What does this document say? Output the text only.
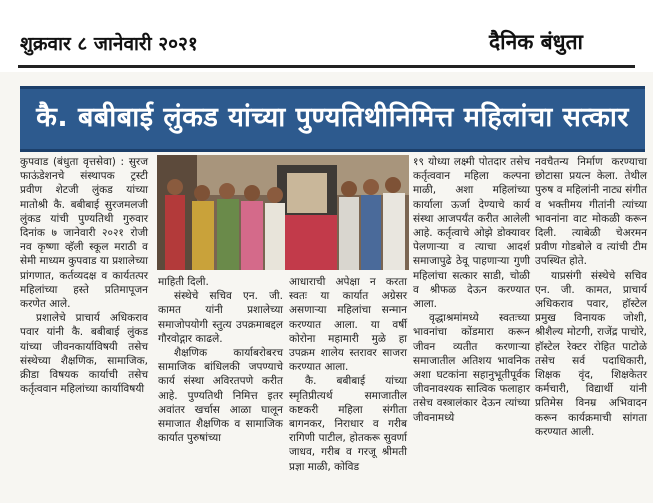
शुक्रवार ८ जानेवारी २०२१	दैनिक बंधुता
कै. बबीबाई लुंकड यांच्या पुण्यतिथीनिमित्त महिलांचा सत्कार

कुपवाड (बंधुता वृत्तसेवा) : सुरज फाऊंडेशनचे संस्थापक ट्रस्टी प्रवीण शेटजी लुंकड यांच्या मातोश्री कै. बबीबाई सुरजमलजी लुंकड यांची पुण्यतिथी गुरुवार दिनांक ७ जानेवारी २०२१ रोजी नव कृष्णा व्हॅली स्कूल मराठी व सेमी माध्यम कुपवाड या प्रशालेच्या प्रांगणात, कर्तव्यदक्ष व कार्यतत्पर महिलांच्या हस्ते प्रतिमापूजन करणेत आले.

प्रशालेचे प्राचार्य अधिकराव पवार यांनी कै. बबीबाई लुंकड यांच्या जीवनकार्याविषयी तसेच संस्थेच्या शैक्षणिक, सामाजिक, क्रीडा विषयक कार्याची तसेच कर्तृत्ववान महिलांच्या कार्याविषयी

माहिती दिली.

संस्थेचे सचिव एन. जी. कामत यांनी प्रशालेच्या समाजोपयोगी स्तुत्य उपक्रमाबद्दल गौरवोद्गार काढले.

शैक्षणिक कार्याबरोबरच सामाजिक बांधिलकी जपण्याचे कार्य संस्था अविरतपणे करीत आहे. पुण्यतिथी निमित्त इतर अवांतर खर्चास आळा घालून समाजात शैक्षणिक व सामाजिक कार्यात पुरुषांच्या

आधाराची अपेक्षा न करता स्वतः या कार्यात अग्रेसर असणाऱ्या महिलांचा सन्मान करण्यात आला. या वर्षी कोरोना महामारी मुळे हा उपक्रम शालेय स्तरावर साजरा करण्यात आला.

कै. बबीबाई यांच्या स्मृतिप्रीत्यर्थ समाजातील कष्टकरी महिला संगीता बागनकर, निराधार व गरीब रागिणी पाटील, होतकरू सुवर्णा जाधव, गरीब व गरजू श्रीमती प्रज्ञा माळी, कोविड

१९ योध्या लक्ष्मी पोतदार तसेच कर्तृत्ववान महिला कल्पना माळी, अशा महिलांच्या कार्याला ऊर्जा देण्याचे कार्य संस्था आजपर्यंत करीत आलेली आहे. कर्तृत्वाचे ओझे डोक्यावर पेलणाऱ्या व त्याचा आदर्श समाजापुढे ठेवू पाहणाऱ्या गुणी महिलांचा सत्कार साडी, चोळी व श्रीफळ देऊन करण्यात आला.

वृद्धाश्रमांमध्ये स्वतःच्या भावनांचा कोंडमारा करून जीवन व्यतीत करणाऱ्या समाजातील अतिशय भावनिक अशा घटकांना सहानुभूतीपूर्वक जीवनावश्यक सात्विक फलाहार तसेच वस्त्रालंकार देऊन त्यांच्या जीवनामध्ये

नवचैतन्य निर्माण करण्याचा छोटासा प्रयत्न केला. तेथील पुरुष व महिलांनी नाट्य संगीत व भक्तीमय गीतांनी त्यांच्या भावनांना वाट मोकळी करून दिली. त्याबेळी चेअरमन प्रवीण गोडबोले व त्यांची टीम उपस्थित होते.

याप्रसंगी संस्थेचे सचिव एन. जी. कामत, प्राचार्य अधिकराव पवार, हॉस्टेल प्रमुख विनायक जोशी, श्रीशैल्य मोटगी, राजेंद्र पाचोरे, हॉस्टेल रेक्टर रोहित पाटोळे तसेच सर्व पदाधिकारी, शिक्षक वृंद, शिक्षकेतर कर्मचारी, विद्यार्थी यांनी प्रतिमेस विनम्र अभिवादन करून कार्यक्रमाची सांगता करण्यात आली.
